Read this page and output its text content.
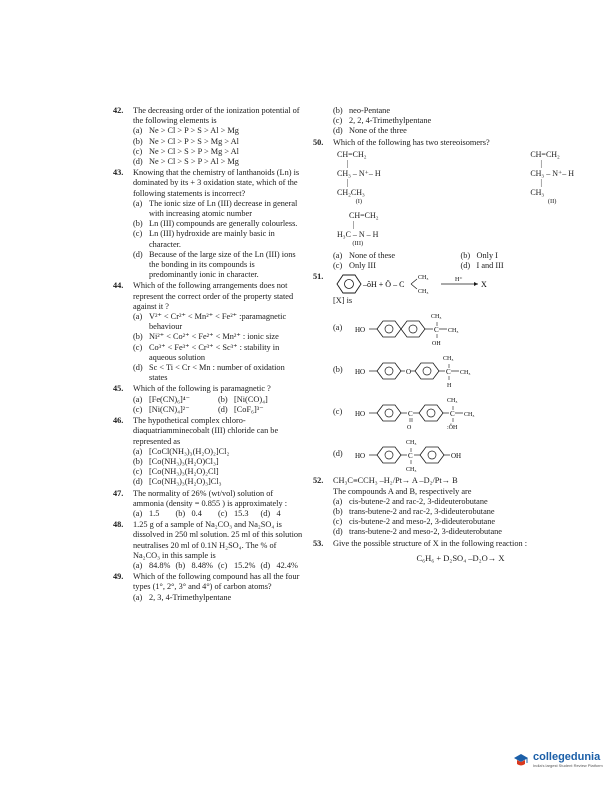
42. The decreasing order of the ionization potential of the following elements is
(a) Ne > Cl > P > S > Al > Mg
(b) Ne > Cl > P > S > Mg > Al
(c) Ne > Cl > S > P > Mg > Al
(d) Ne > Cl > S > P > Al > Mg
43. Knowing that the chemistry of lanthanoids (Ln) is dominated by its + 3 oxidation state, which of the following statements is incorrect?
(a) The ionic size of Ln (III) decrease in general with increasing atomic number
(b) Ln (III) compounds are generally colourless.
(c) Ln (III) hydroxide are mainly basic in character.
(d) Because of the large size of the Ln (III) ions the bonding in its compounds is predominantly ionic in character.
44. Which of the following arrangements does not represent the correct order of the property stated against it ?
(a) V²⁺ < Cr²⁺ < Mn²⁺ < Fe²⁺ :paramagnetic behaviour
(b) Ni²⁺ < Co²⁺ < Fe²⁺ < Mn²⁺ : ionic size
(c) Co³⁺ < Fe³⁺ < Cr³⁺ < Sc³⁺ : stability in aqueous solution
(d) Sc < Ti < Cr < Mn : number of oxidation states
45. Which of the following is paramagnetic ?
(a) [Fe(CN)₆]⁴⁻	(b) [Ni(CO)₄]
(c) [Ni(CN)₄]²⁻	(d) [CoF₆]³⁻
46. The hypothetical complex chloro-diaquatriamminecobalt (III) chloride can be represented as
(a) [CoCl(NH₃)₃(H₂O)₂]Cl₂
(b) [Co(NH₃)₃(H₂O)Cl₃]
(c) [Co(NH₃)₃(H₂O)₂Cl]
(d) [Co(NH₃)₃(H₂O)₃]Cl₃
47. The normality of 26% (wt/vol) solution of ammonia (density = 0.855 ) is approximately :
(a) 1.5	(b) 0.4	(c) 15.3	(d) 4
48. 1.25 g of a sample of Na₂CO₃ and Na₂SO₄ is dissolved in 250 ml solution. 25 ml of this solution neutralises 20 ml of 0.1N H₂SO₄. The % of Na₂CO₃ in this sample is
(a) 84.8% (b) 8.48% (c) 15.2% (d) 42.4%
49. Which of the following compound has all the four types (1°, 2°, 3° and 4°) of carbon atoms?
(a) 2, 3, 4-Trimethylpentane
(b) neo-Pentane
(c) 2, 2, 4-Trimethylpentane
(d) None of the three
50. Which of the following has two stereoisomers?
CH=CH₂
|
CH₃ – N⁺– H
|
CH₂CH₃
(I)
CH=CH₂
|
CH₃ – N⁺– H
|
CH₃
(II)
CH=CH₂
|
H₃C – N – H
(III)
(a) None of these	(b) Only I
(c) Only III	(d) I and III
51.
–ŏH + Ö – C
CH₃
CH₃
H⁺ X
[X] is
(a)	HO	C
CH₃
CH₃
OH
(b)	HO	O	C
CH₃
CH₃
H
(c)	HO	C
O
C
CH₃
CH₃
:ŎH
(d)	HO	C
CH₃
CH₃
OH
52. CH₃C≡CCH₃ –H₂/Pt→ A –D₂/Pt→ B
The compounds A and B, respectively are
(a) cis-butene-2 and rac-2, 3-dideuterobutane
(b) trans-butene-2 and rac-2, 3-dideuterobutane
(c) cis-butene-2 and meso-2, 3-dideuterobutane
(d) trans-butene-2 and meso-2, 3-dideuterobutane
53. Give the possible structure of X in the following reaction :
C₆H₆ + D₂SO₄ –D₂O→ X
collegedunia
India's largest Student Review Platform
